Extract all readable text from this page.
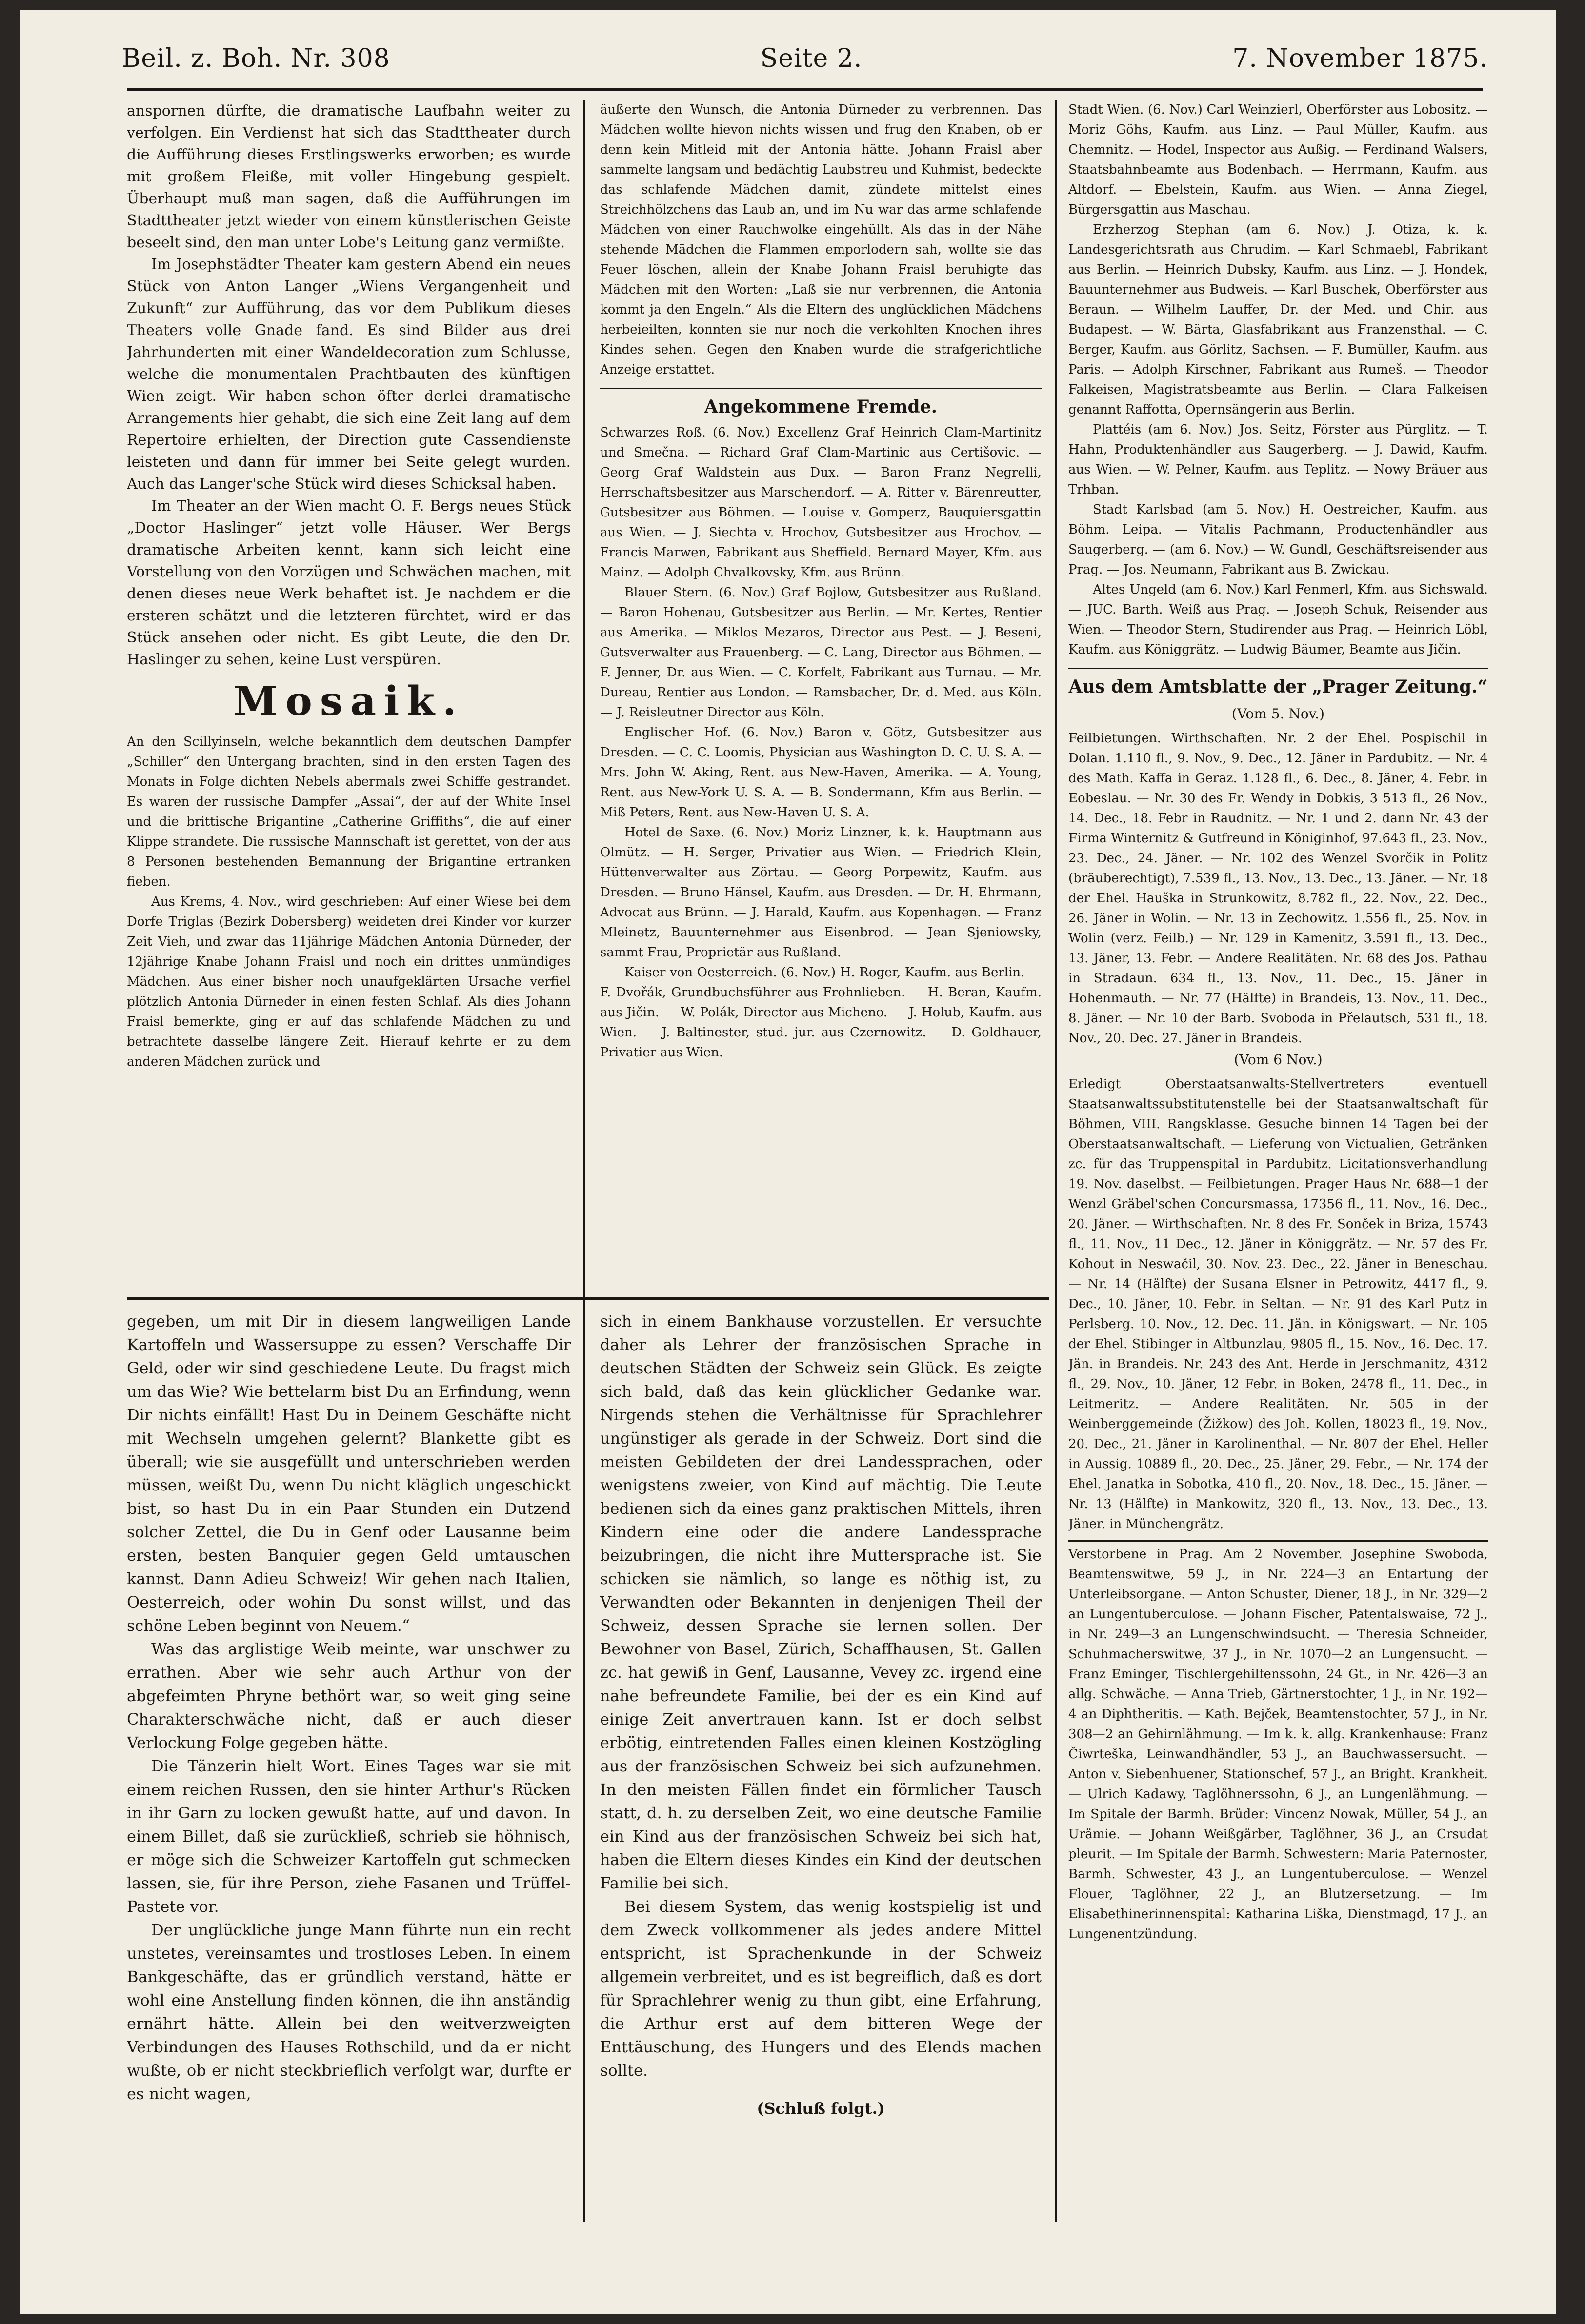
Beil. z. Boh. Nr. 308	Seite 2.	7. November 1875.

anspornen dürfte, die dramatische Laufbahn weiter zu verfolgen. Ein Verdienst hat sich das Stadttheater durch die Aufführung dieses Erstlingswerks erworben; es wurde mit großem Fleiße, mit voller Hingebung gespielt. Überhaupt muß man sagen, daß die Aufführungen im Stadttheater jetzt wieder von einem künstlerischen Geiste beseelt sind, den man unter Lobe's Leitung ganz vermißte.

Im Josephstädter Theater kam gestern Abend ein neues Stück von Anton Langer „Wiens Vergangenheit und Zukunft“ zur Aufführung, das vor dem Publikum dieses Theaters volle Gnade fand. Es sind Bilder aus drei Jahrhunderten mit einer Wandeldecoration zum Schlusse, welche die monumentalen Prachtbauten des künftigen Wien zeigt. Wir haben schon öfter derlei dramatische Arrangements hier gehabt, die sich eine Zeit lang auf dem Repertoire erhielten, der Direction gute Cassendienste leisteten und dann für immer bei Seite gelegt wurden. Auch das Langer'sche Stück wird dieses Schicksal haben.

Im Theater an der Wien macht O. F. Bergs neues Stück „Doctor Haslinger“ jetzt volle Häuser. Wer Bergs dramatische Arbeiten kennt, kann sich leicht eine Vorstellung von den Vorzügen und Schwächen machen, mit denen dieses neue Werk behaftet ist. Je nachdem er die ersteren schätzt und die letzteren fürchtet, wird er das Stück ansehen oder nicht. Es gibt Leute, die den Dr. Haslinger zu sehen, keine Lust verspüren.

Mosaik.

An den Scillyinseln, welche bekanntlich dem deutschen Dampfer „Schiller“ den Untergang brachten, sind in den ersten Tagen des Monats in Folge dichten Nebels abermals zwei Schiffe gestrandet. Es waren der russische Dampfer „Assai“, der auf der White Insel und die brittische Brigantine „Catherine Griffiths“, die auf einer Klippe strandete. Die russische Mannschaft ist gerettet, von der aus 8 Personen bestehenden Bemannung der Brigantine ertranken fieben.

Aus Krems, 4. Nov., wird geschrieben: Auf einer Wiese bei dem Dorfe Triglas (Bezirk Dobersberg) weideten drei Kinder vor kurzer Zeit Vieh, und zwar das 11jährige Mädchen Antonia Dürneder, der 12jährige Knabe Johann Fraisl und noch ein drittes unmündiges Mädchen. Aus einer bisher noch unaufgeklärten Ursache verfiel plötzlich Antonia Dürneder in einen festen Schlaf. Als dies Johann Fraisl bemerkte, ging er auf das schlafende Mädchen zu und betrachtete dasselbe längere Zeit. Hierauf kehrte er zu dem anderen Mädchen zurück und

äußerte den Wunsch, die Antonia Dürneder zu verbrennen. Das Mädchen wollte hievon nichts wissen und frug den Knaben, ob er denn kein Mitleid mit der Antonia hätte. Johann Fraisl aber sammelte langsam und bedächtig Laubstreu und Kuhmist, bedeckte das schlafende Mädchen damit, zündete mittelst eines Streichhölzchens das Laub an, und im Nu war das arme schlafende Mädchen von einer Rauchwolke eingehüllt. Als das in der Nähe stehende Mädchen die Flammen emporlodern sah, wollte sie das Feuer löschen, allein der Knabe Johann Fraisl beruhigte das Mädchen mit den Worten: „Laß sie nur verbrennen, die Antonia kommt ja den Engeln.“ Als die Eltern des unglücklichen Mädchens herbeieilten, konnten sie nur noch die verkohlten Knochen ihres Kindes sehen. Gegen den Knaben wurde die strafgerichtliche Anzeige erstattet.

Angekommene Fremde.

Schwarzes Roß. (6. Nov.) Excellenz Graf Heinrich Clam-Martinitz und Smečna. — Richard Graf Clam-Martinic aus Certišovic. — Georg Graf Waldstein aus Dux. — Baron Franz Negrelli, Herrschaftsbesitzer aus Marschendorf. — A. Ritter v. Bärenreutter, Gutsbesitzer aus Böhmen. — Louise v. Gomperz, Bauquiersgattin aus Wien. — J. Siechta v. Hrochov, Gutsbesitzer aus Hrochov. — Francis Marwen, Fabrikant aus Sheffield. Bernard Mayer, Kfm. aus Mainz. — Adolph Chvalkovsky, Kfm. aus Brünn.

Blauer Stern. (6. Nov.) Graf Bojlow, Gutsbesitzer aus Rußland. — Baron Hohenau, Gutsbesitzer aus Berlin. — Mr. Kertes, Rentier aus Amerika. — Miklos Mezaros, Director aus Pest. — J. Beseni, Gutsverwalter aus Frauenberg. — C. Lang, Director aus Böhmen. — F. Jenner, Dr. aus Wien. — C. Korfelt, Fabrikant aus Turnau. — Mr. Dureau, Rentier aus London. — Ramsbacher, Dr. d. Med. aus Köln. — J. Reisleutner Director aus Köln.

Englischer Hof. (6. Nov.) Baron v. Götz, Gutsbesitzer aus Dresden. — C. C. Loomis, Physician aus Washington D. C. U. S. A. — Mrs. John W. Aking, Rent. aus New-Haven, Amerika. — A. Young, Rent. aus New-York U. S. A. — B. Sondermann, Kfm aus Berlin. — Miß Peters, Rent. aus New-Haven U. S. A.

Hotel de Saxe. (6. Nov.) Moriz Linzner, k. k. Hauptmann aus Olmütz. — H. Serger, Privatier aus Wien. — Friedrich Klein, Hüttenverwalter aus Zörtau. — Georg Porpewitz, Kaufm. aus Dresden. — Bruno Hänsel, Kaufm. aus Dresden. — Dr. H. Ehrmann, Advocat aus Brünn. — J. Harald, Kaufm. aus Kopenhagen. — Franz Mleinetz, Bauunternehmer aus Eisenbrod. — Jean Sjeniowsky, sammt Frau, Proprietär aus Rußland.

Kaiser von Oesterreich. (6. Nov.) H. Roger, Kaufm. aus Berlin. — F. Dvořák, Grundbuchsführer aus Frohnlieben. — H. Beran, Kaufm. aus Jičin. — W. Polák, Director aus Micheno. — J. Holub, Kaufm. aus Wien. — J. Baltinester, stud. jur. aus Czernowitz. — D. Goldhauer, Privatier aus Wien.

Stadt Wien. (6. Nov.) Carl Weinzierl, Oberförster aus Lobositz. — Moriz Göhs, Kaufm. aus Linz. — Paul Müller, Kaufm. aus Chemnitz. — Hodel, Inspector aus Außig. — Ferdinand Walsers, Staatsbahnbeamte aus Bodenbach. — Herrmann, Kaufm. aus Altdorf. — Ebelstein, Kaufm. aus Wien. — Anna Ziegel, Bürgersgattin aus Maschau.

Erzherzog Stephan (am 6. Nov.) J. Otiza, k. k. Landesgerichtsrath aus Chrudim. — Karl Schmaebl, Fabrikant aus Berlin. — Heinrich Dubsky, Kaufm. aus Linz. — J. Hondek, Bauunternehmer aus Budweis. — Karl Buschek, Oberförster aus Beraun. — Wilhelm Lauffer, Dr. der Med. und Chir. aus Budapest. — W. Bärta, Glasfabrikant aus Franzensthal. — C. Berger, Kaufm. aus Görlitz, Sachsen. — F. Bumüller, Kaufm. aus Paris. — Adolph Kirschner, Fabrikant aus Rumeš. — Theodor Falkeisen, Magistratsbeamte aus Berlin. — Clara Falkeisen genannt Raffotta, Opernsängerin aus Berlin.

Plattéis (am 6. Nov.) Jos. Seitz, Förster aus Pürglitz. — T. Hahn, Produktenhändler aus Saugerberg. — J. Dawid, Kaufm. aus Wien. — W. Pelner, Kaufm. aus Teplitz. — Nowy Bräuer aus Trhban.

Stadt Karlsbad (am 5. Nov.) H. Oestreicher, Kaufm. aus Böhm. Leipa. — Vitalis Pachmann, Productenhändler aus Saugerberg. — (am 6. Nov.) — W. Gundl, Geschäftsreisender aus Prag. — Jos. Neumann, Fabrikant aus B. Zwickau.

Altes Ungeld (am 6. Nov.) Karl Fenmerl, Kfm. aus Sichswald. — JUC. Barth. Weiß aus Prag. — Joseph Schuk, Reisender aus Wien. — Theodor Stern, Studirender aus Prag. — Heinrich Löbl, Kaufm. aus Königgrätz. — Ludwig Bäumer, Beamte aus Jičin.

Aus dem Amtsblatte der „Prager Zeitung.“
(Vom 5. Nov.)

Feilbietungen. Wirthschaften. Nr. 2 der Ehel. Pospischil in Dolan. 1.110 fl., 9. Nov., 9. Dec., 12. Jäner in Pardubitz. — Nr. 4 des Math. Kaffa in Geraz. 1.128 fl., 6. Dec., 8. Jäner, 4. Febr. in Eobeslau. — Nr. 30 des Fr. Wendy in Dobkis, 3 513 fl., 26 Nov., 14. Dec., 18. Febr in Raudnitz. — Nr. 1 und 2. dann Nr. 43 der Firma Winternitz & Gutfreund in Königinhof, 97.643 fl., 23. Nov., 23. Dec., 24. Jäner. — Nr. 102 des Wenzel Svorčik in Politz (bräuberechtigt), 7.539 fl., 13. Nov., 13. Dec., 13. Jäner. — Nr. 18 der Ehel. Hauška in Strunkowitz, 8.782 fl., 22. Nov., 22. Dec., 26. Jäner in Wolin. — Nr. 13 in Zechowitz. 1.556 fl., 25. Nov. in Wolin (verz. Feilb.) — Nr. 129 in Kamenitz, 3.591 fl., 13. Dec., 13. Jäner, 13. Febr. — Andere Realitäten. Nr. 68 des Jos. Pathau in Stradaun. 634 fl., 13. Nov., 11. Dec., 15. Jäner in Hohenmauth. — Nr. 77 (Hälfte) in Brandeis, 13. Nov., 11. Dec., 8. Jäner. — Nr. 10 der Barb. Svoboda in Přelautsch, 531 fl., 18. Nov., 20. Dec. 27. Jäner in Brandeis.

(Vom 6 Nov.)

Erledigt Oberstaatsanwalts-Stellvertreters eventuell Staatsanwaltssubstitutenstelle bei der Staatsanwaltschaft für Böhmen, VIII. Rangsklasse. Gesuche binnen 14 Tagen bei der Oberstaatsanwaltschaft. — Lieferung von Victualien, Getränken zc. für das Truppenspital in Pardubitz. Licitationsverhandlung 19. Nov. daselbst. — Feilbietungen. Prager Haus Nr. 688—1 der Wenzl Gräbel'schen Concursmassa, 17356 fl., 11. Nov., 16. Dec., 20. Jäner. — Wirthschaften. Nr. 8 des Fr. Sonček in Briza, 15743 fl., 11. Nov., 11 Dec., 12. Jäner in Königgrätz. — Nr. 57 des Fr. Kohout in Neswačil, 30. Nov. 23. Dec., 22. Jäner in Beneschau. — Nr. 14 (Hälfte) der Susana Elsner in Petrowitz, 4417 fl., 9. Dec., 10. Jäner, 10. Febr. in Seltan. — Nr. 91 des Karl Putz in Perlsberg. 10. Nov., 12. Dec. 11. Jän. in Königswart. — Nr. 105 der Ehel. Stibinger in Altbunzlau, 9805 fl., 15. Nov., 16. Dec. 17. Jän. in Brandeis. Nr. 243 des Ant. Herde in Jerschmanitz, 4312 fl., 29. Nov., 10. Jäner, 12 Febr. in Boken, 2478 fl., 11. Dec., in Leitmeritz. — Andere Realitäten. Nr. 505 in der Weinberggemeinde (Žižkow) des Joh. Kollen, 18023 fl., 19. Nov., 20. Dec., 21. Jäner in Karolinenthal. — Nr. 807 der Ehel. Heller in Aussig. 10889 fl., 20. Dec., 25. Jäner, 29. Febr., — Nr. 174 der Ehel. Janatka in Sobotka, 410 fl., 20. Nov., 18. Dec., 15. Jäner. — Nr. 13 (Hälfte) in Mankowitz, 320 fl., 13. Nov., 13. Dec., 13. Jäner. in Münchengrätz.

Verstorbene in Prag. Am 2 November. Josephine Swoboda, Beamtenswitwe, 59 J., in Nr. 224—3 an Entartung der Unterleibsorgane. — Anton Schuster, Diener, 18 J., in Nr. 329—2 an Lungentuberculose. — Johann Fischer, Patentalswaise, 72 J., in Nr. 249—3 an Lungenschwindsucht. — Theresia Schneider, Schuhmacherswitwe, 37 J., in Nr. 1070—2 an Lungensucht. — Franz Eminger, Tischlergehilfenssohn, 24 Gt., in Nr. 426—3 an allg. Schwäche. — Anna Trieb, Gärtnerstochter, 1 J., in Nr. 192—4 an Diphtheritis. — Kath. Bejček, Beamtenstochter, 57 J., in Nr. 308—2 an Gehirnlähmung. — Im k. k. allg. Krankenhause: Franz Čiwrteška, Leinwandhändler, 53 J., an Bauchwassersucht. — Anton v. Siebenhuener, Stationschef, 57 J., an Bright. Krankheit. — Ulrich Kadawy, Taglöhnerssohn, 6 J., an Lungenlähmung. — Im Spitale der Barmh. Brüder: Vincenz Nowak, Müller, 54 J., an Urämie. — Johann Weißgärber, Taglöhner, 36 J., an Crsudat pleurit. — Im Spitale der Barmh. Schwestern: Maria Paternoster, Barmh. Schwester, 43 J., an Lungentuberculose. — Wenzel Flouer, Taglöhner, 22 J., an Blutzersetzung. — Im Elisabethinerinnenspital: Katharina Liška, Dienstmagd, 17 J., an Lungenentzündung.

gegeben, um mit Dir in diesem langweiligen Lande Kartoffeln und Wassersuppe zu essen? Verschaffe Dir Geld, oder wir sind geschiedene Leute. Du fragst mich um das Wie? Wie bettelarm bist Du an Erfindung, wenn Dir nichts einfällt! Hast Du in Deinem Geschäfte nicht mit Wechseln umgehen gelernt? Blankette gibt es überall; wie sie ausgefüllt und unterschrieben werden müssen, weißt Du, wenn Du nicht kläglich ungeschickt bist, so hast Du in ein Paar Stunden ein Dutzend solcher Zettel, die Du in Genf oder Lausanne beim ersten, besten Banquier gegen Geld umtauschen kannst. Dann Adieu Schweiz! Wir gehen nach Italien, Oesterreich, oder wohin Du sonst willst, und das schöne Leben beginnt von Neuem.“

Was das arglistige Weib meinte, war unschwer zu errathen. Aber wie sehr auch Arthur von der abgefeimten Phryne bethört war, so weit ging seine Charakterschwäche nicht, daß er auch dieser Verlockung Folge gegeben hätte.

Die Tänzerin hielt Wort. Eines Tages war sie mit einem reichen Russen, den sie hinter Arthur's Rücken in ihr Garn zu locken gewußt hatte, auf und davon. In einem Billet, daß sie zurückließ, schrieb sie höhnisch, er möge sich die Schweizer Kartoffeln gut schmecken lassen, sie, für ihre Person, ziehe Fasanen und Trüffel-Pastete vor.

Der unglückliche junge Mann führte nun ein recht unstetes, vereinsamtes und trostloses Leben. In einem Bankgeschäfte, das er gründlich verstand, hätte er wohl eine Anstellung finden können, die ihn anständig ernährt hätte. Allein bei den weitverzweigten Verbindungen des Hauses Rothschild, und da er nicht wußte, ob er nicht steckbrieflich verfolgt war, durfte er es nicht wagen,

sich in einem Bankhause vorzustellen. Er versuchte daher als Lehrer der französischen Sprache in deutschen Städten der Schweiz sein Glück. Es zeigte sich bald, daß das kein glücklicher Gedanke war. Nirgends stehen die Verhältnisse für Sprachlehrer ungünstiger als gerade in der Schweiz. Dort sind die meisten Gebildeten der drei Landessprachen, oder wenigstens zweier, von Kind auf mächtig. Die Leute bedienen sich da eines ganz praktischen Mittels, ihren Kindern eine oder die andere Landessprache beizubringen, die nicht ihre Muttersprache ist. Sie schicken sie nämlich, so lange es nöthig ist, zu Verwandten oder Bekannten in denjenigen Theil der Schweiz, dessen Sprache sie lernen sollen. Der Bewohner von Basel, Zürich, Schaffhausen, St. Gallen zc. hat gewiß in Genf, Lausanne, Vevey zc. irgend eine nahe befreundete Familie, bei der es ein Kind auf einige Zeit anvertrauen kann. Ist er doch selbst erbötig, eintretenden Falles einen kleinen Kostzögling aus der französischen Schweiz bei sich aufzunehmen. In den meisten Fällen findet ein förmlicher Tausch statt, d. h. zu derselben Zeit, wo eine deutsche Familie ein Kind aus der französischen Schweiz bei sich hat, haben die Eltern dieses Kindes ein Kind der deutschen Familie bei sich.

Bei diesem System, das wenig kostspielig ist und dem Zweck vollkommener als jedes andere Mittel entspricht, ist Sprachenkunde in der Schweiz allgemein verbreitet, und es ist begreiflich, daß es dort für Sprachlehrer wenig zu thun gibt, eine Erfahrung, die Arthur erst auf dem bitteren Wege der Enttäuschung, des Hungers und des Elends machen sollte.

(Schluß folgt.)
